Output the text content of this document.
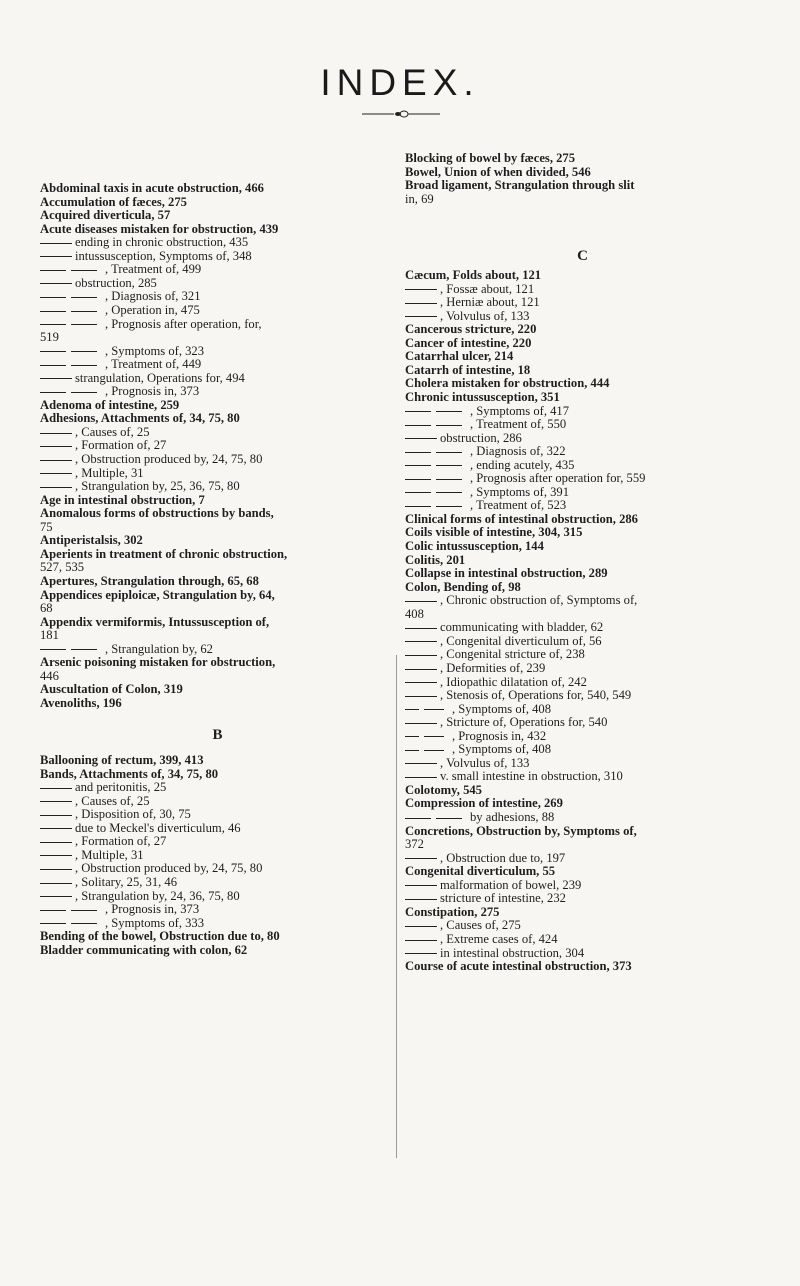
INDEX.
Abdominal taxis in acute obstruction, 466
Accumulation of fæces, 275
Acquired diverticula, 57
Acute diseases mistaken for obstruction, 439
ending in chronic obstruction, 435
intussusception, Symptoms of, 348
, Treatment of, 499
obstruction, 285
, Diagnosis of, 321
, Operation in, 475
, Prognosis after operation, for,
519
, Symptoms of, 323
, Treatment of, 449
strangulation, Operations for, 494
, Prognosis in, 373
Adenoma of intestine, 259
Adhesions, Attachments of, 34, 75, 80
, Causes of, 25
, Formation of, 27
, Obstruction produced by, 24, 75, 80
, Multiple, 31
, Strangulation by, 25, 36, 75, 80
Age in intestinal obstruction, 7
Anomalous forms of obstructions by bands,
75
Antiperistalsis, 302
Aperients in treatment of chronic obstruction,
527, 535
Apertures, Strangulation through, 65, 68
Appendices epiploicæ, Strangulation by, 64,
68
Appendix vermiformis, Intussusception of,
181
, Strangulation by, 62
Arsenic poisoning mistaken for obstruction,
446
Auscultation of Colon, 319
Avenoliths, 196
B
Ballooning of rectum, 399, 413
Bands, Attachments of, 34, 75, 80
and peritonitis, 25
, Causes of, 25
, Disposition of, 30, 75
due to Meckel's diverticulum, 46
, Formation of, 27
, Multiple, 31
, Obstruction produced by, 24, 75, 80
, Solitary, 25, 31, 46
, Strangulation by, 24, 36, 75, 80
, Prognosis in, 373
, Symptoms of, 333
Bending of the bowel, Obstruction due to, 80
Bladder communicating with colon, 62
Blocking of bowel by fæces, 275
Bowel, Union of when divided, 546
Broad ligament, Strangulation through slit
in, 69
C
Cæcum, Folds about, 121
, Fossæ about, 121
, Herniæ about, 121
, Volvulus of, 133
Cancerous stricture, 220
Cancer of intestine, 220
Catarrhal ulcer, 214
Catarrh of intestine, 18
Cholera mistaken for obstruction, 444
Chronic intussusception, 351
, Symptoms of, 417
, Treatment of, 550
obstruction, 286
, Diagnosis of, 322
, ending acutely, 435
, Prognosis after operation for, 559
, Symptoms of, 391
, Treatment of, 523
Clinical forms of intestinal obstruction, 286
Coils visible of intestine, 304, 315
Colic intussusception, 144
Colitis, 201
Collapse in intestinal obstruction, 289
Colon, Bending of, 98
, Chronic obstruction of, Symptoms of,
408
communicating with bladder, 62
, Congenital diverticulum of, 56
, Congenital stricture of, 238
, Deformities of, 239
, Idiopathic dilatation of, 242
, Stenosis of, Operations for, 540, 549
, Symptoms of, 408
, Stricture of, Operations for, 540
, Prognosis in, 432
, Symptoms of, 408
, Volvulus of, 133
v. small intestine in obstruction, 310
Colotomy, 545
Compression of intestine, 269
by adhesions, 88
Concretions, Obstruction by, Symptoms of,
372
, Obstruction due to, 197
Congenital diverticulum, 55
malformation of bowel, 239
stricture of intestine, 232
Constipation, 275
, Causes of, 275
, Extreme cases of, 424
in intestinal obstruction, 304
Course of acute intestinal obstruction, 373
